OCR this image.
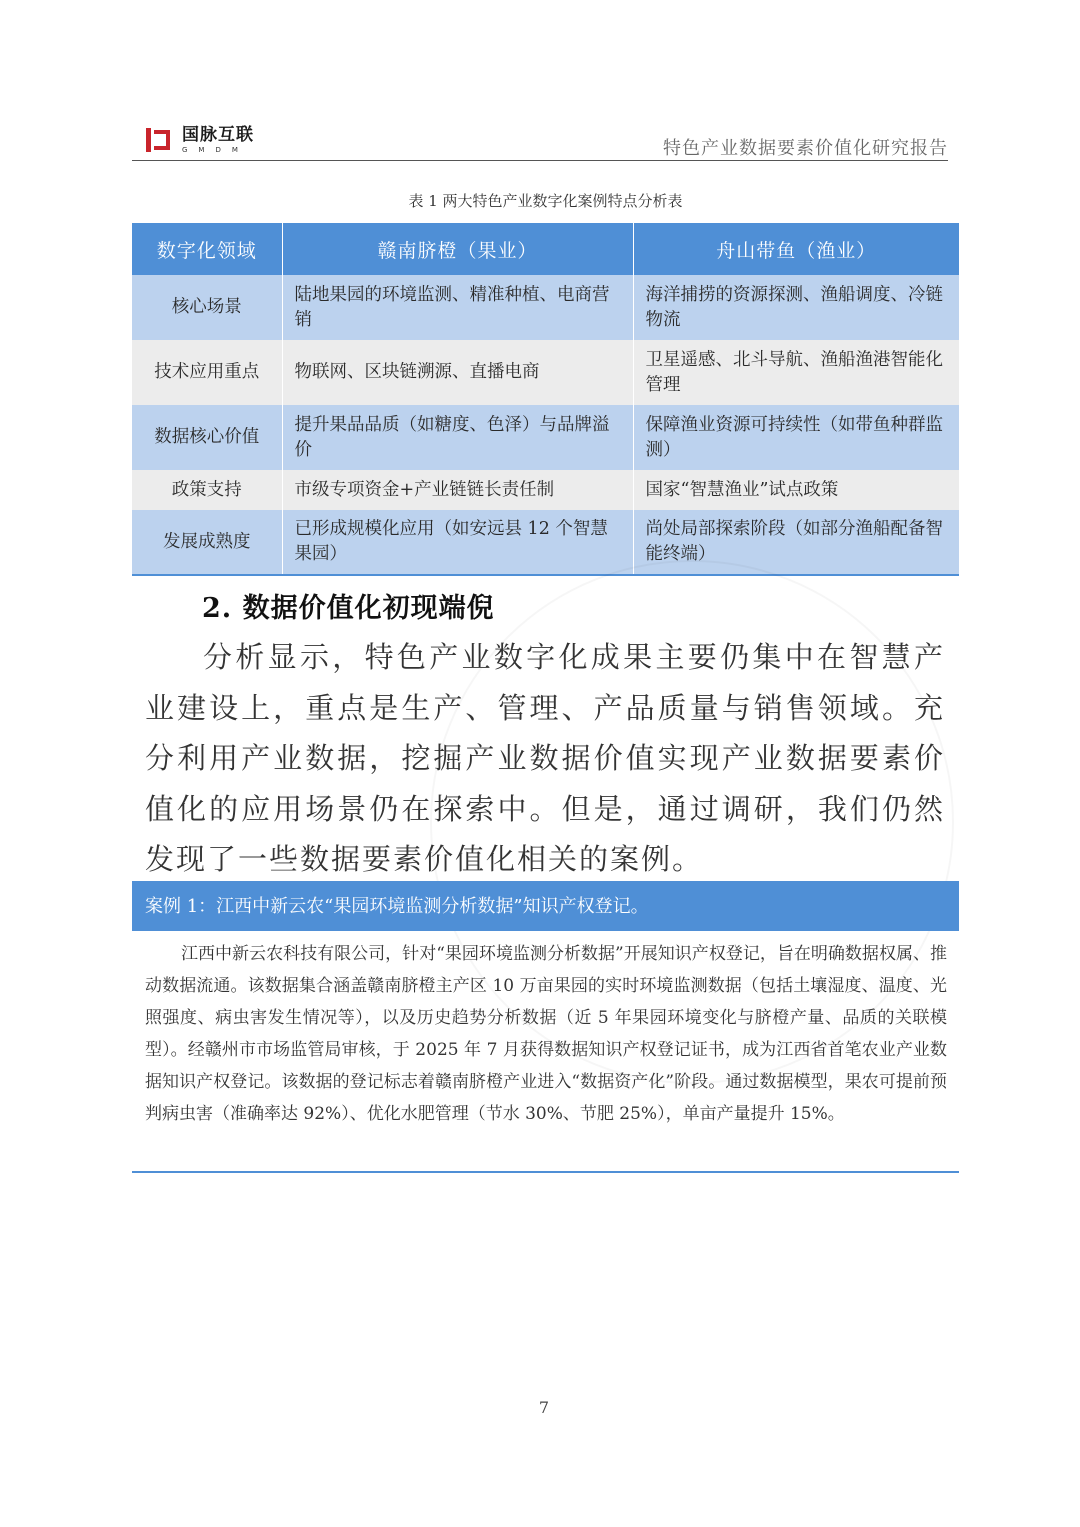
国脉互联
GMDM	特色产业数据要素价值化研究报告
表 1 两大特色产业数字化案例特点分析表
数字化领域	赣南脐橙（果业）	舟山带鱼（渔业）
核心场景	陆地果园的环境监测、精准种植、电商营销	海洋捕捞的资源探测、渔船调度、冷链物流
技术应用重点	物联网、区块链溯源、直播电商	卫星遥感、北斗导航、渔船渔港智能化管理
数据核心价值	提升果品品质（如糖度、色泽）与品牌溢价	保障渔业资源可持续性（如带鱼种群监测）
政策支持	市级专项资金+产业链链长责任制	国家“智慧渔业”试点政策
发展成熟度	已形成规模化应用（如安远县 12 个智慧果园）	尚处局部探索阶段（如部分渔船配备智能终端）
2. 数据价值化初现端倪

分析显示，特色产业数字化成果主要仍集中在智慧产业建设上，重点是生产、管理、产品质量与销售领域。充分利用产业数据，挖掘产业数据价值实现产业数据要素价值化的应用场景仍在探索中。但是，通过调研，我们仍然发现了一些数据要素价值化相关的案例。

案例 1：江西中新云农“果园环境监测分析数据”知识产权登记。

江西中新云农科技有限公司，针对“果园环境监测分析数据”开展知识产权登记，旨在明确数据权属、推动数据流通。该数据集合涵盖赣南脐橙主产区 10 万亩果园的实时环境监测数据（包括土壤湿度、温度、光照强度、病虫害发生情况等），以及历史趋势分析数据（近 5 年果园环境变化与脐橙产量、品质的关联模型）。经赣州市市场监管局审核，于 2025 年 7 月获得数据知识产权登记证书，成为江西省首笔农业产业数据知识产权登记。该数据的登记标志着赣南脐橙产业进入“数据资产化”阶段。通过数据模型，果农可提前预判病虫害（准确率达 92%）、优化水肥管理（节水 30%、节肥 25%），单亩产量提升 15%。

7
